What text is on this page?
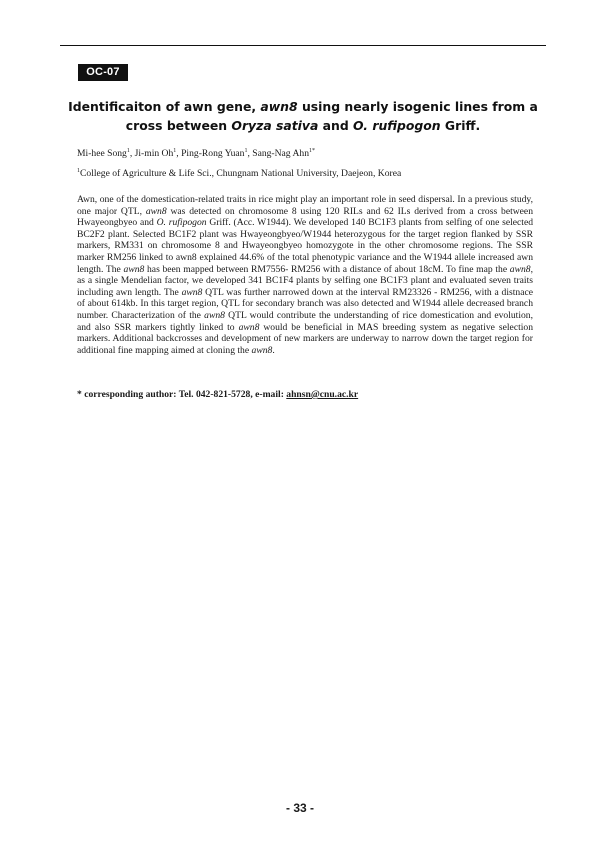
OC-07
Identificaiton of awn gene, awn8 using nearly isogenic lines from a cross between Oryza sativa and O. rufipogon Griff.
Mi-hee Song$^1$, Ji-min Oh$^1$, Ping-Rong Yuan$^1$, Sang-Nag Ahn$^{1*}$
$^1$College of Agriculture & Life Sci., Chungnam National University, Daejeon, Korea

Awn, one of the domestication-related traits in rice might play an important role in seed dispersal. In a previous study, one major QTL, awn8 was detected on chromosome 8 using 120 RILs and 62 ILs derived from a cross between Hwayeongbyeo and O. rufipogon Griff. (Acc. W1944). We developed 140 BC1F3 plants from selfing of one selected BC2F2 plant. Selected BC1F2 plant was Hwayeongbyeo/W1944 heterozygous for the target region flanked by SSR markers, RM331 on chromosome 8 and Hwayeongbyeo homozygote in the other chromosome regions. The SSR marker RM256 linked to awn8 explained 44.6% of the total phenotypic variance and the W1944 allele increased awn length. The awn8 has been mapped between RM7556- RM256 with a distance of about 18cM. To fine map the awn8, as a single Mendelian factor, we developed 341 BC1F4 plants by selfing one BC1F3 plant and evaluated seven traits including awn length. The awn8 QTL was further narrowed down at the interval RM23326 - RM256, with a distnace of about 614kb. In this target region, QTL for secondary branch was also detected and W1944 allele decreased branch number. Characterization of the awn8 QTL would contribute the understanding of rice domestication and evolution, and also SSR markers tightly linked to awn8 would be beneficial in MAS breeding system as negative selection markers. Additional backcrosses and development of new markers are underway to narrow down the target region for additional fine mapping aimed at cloning the awn8.

* corresponding author: Tel. 042-821-5728, e-mail: ahnsn@cnu.ac.kr
- 33 -
